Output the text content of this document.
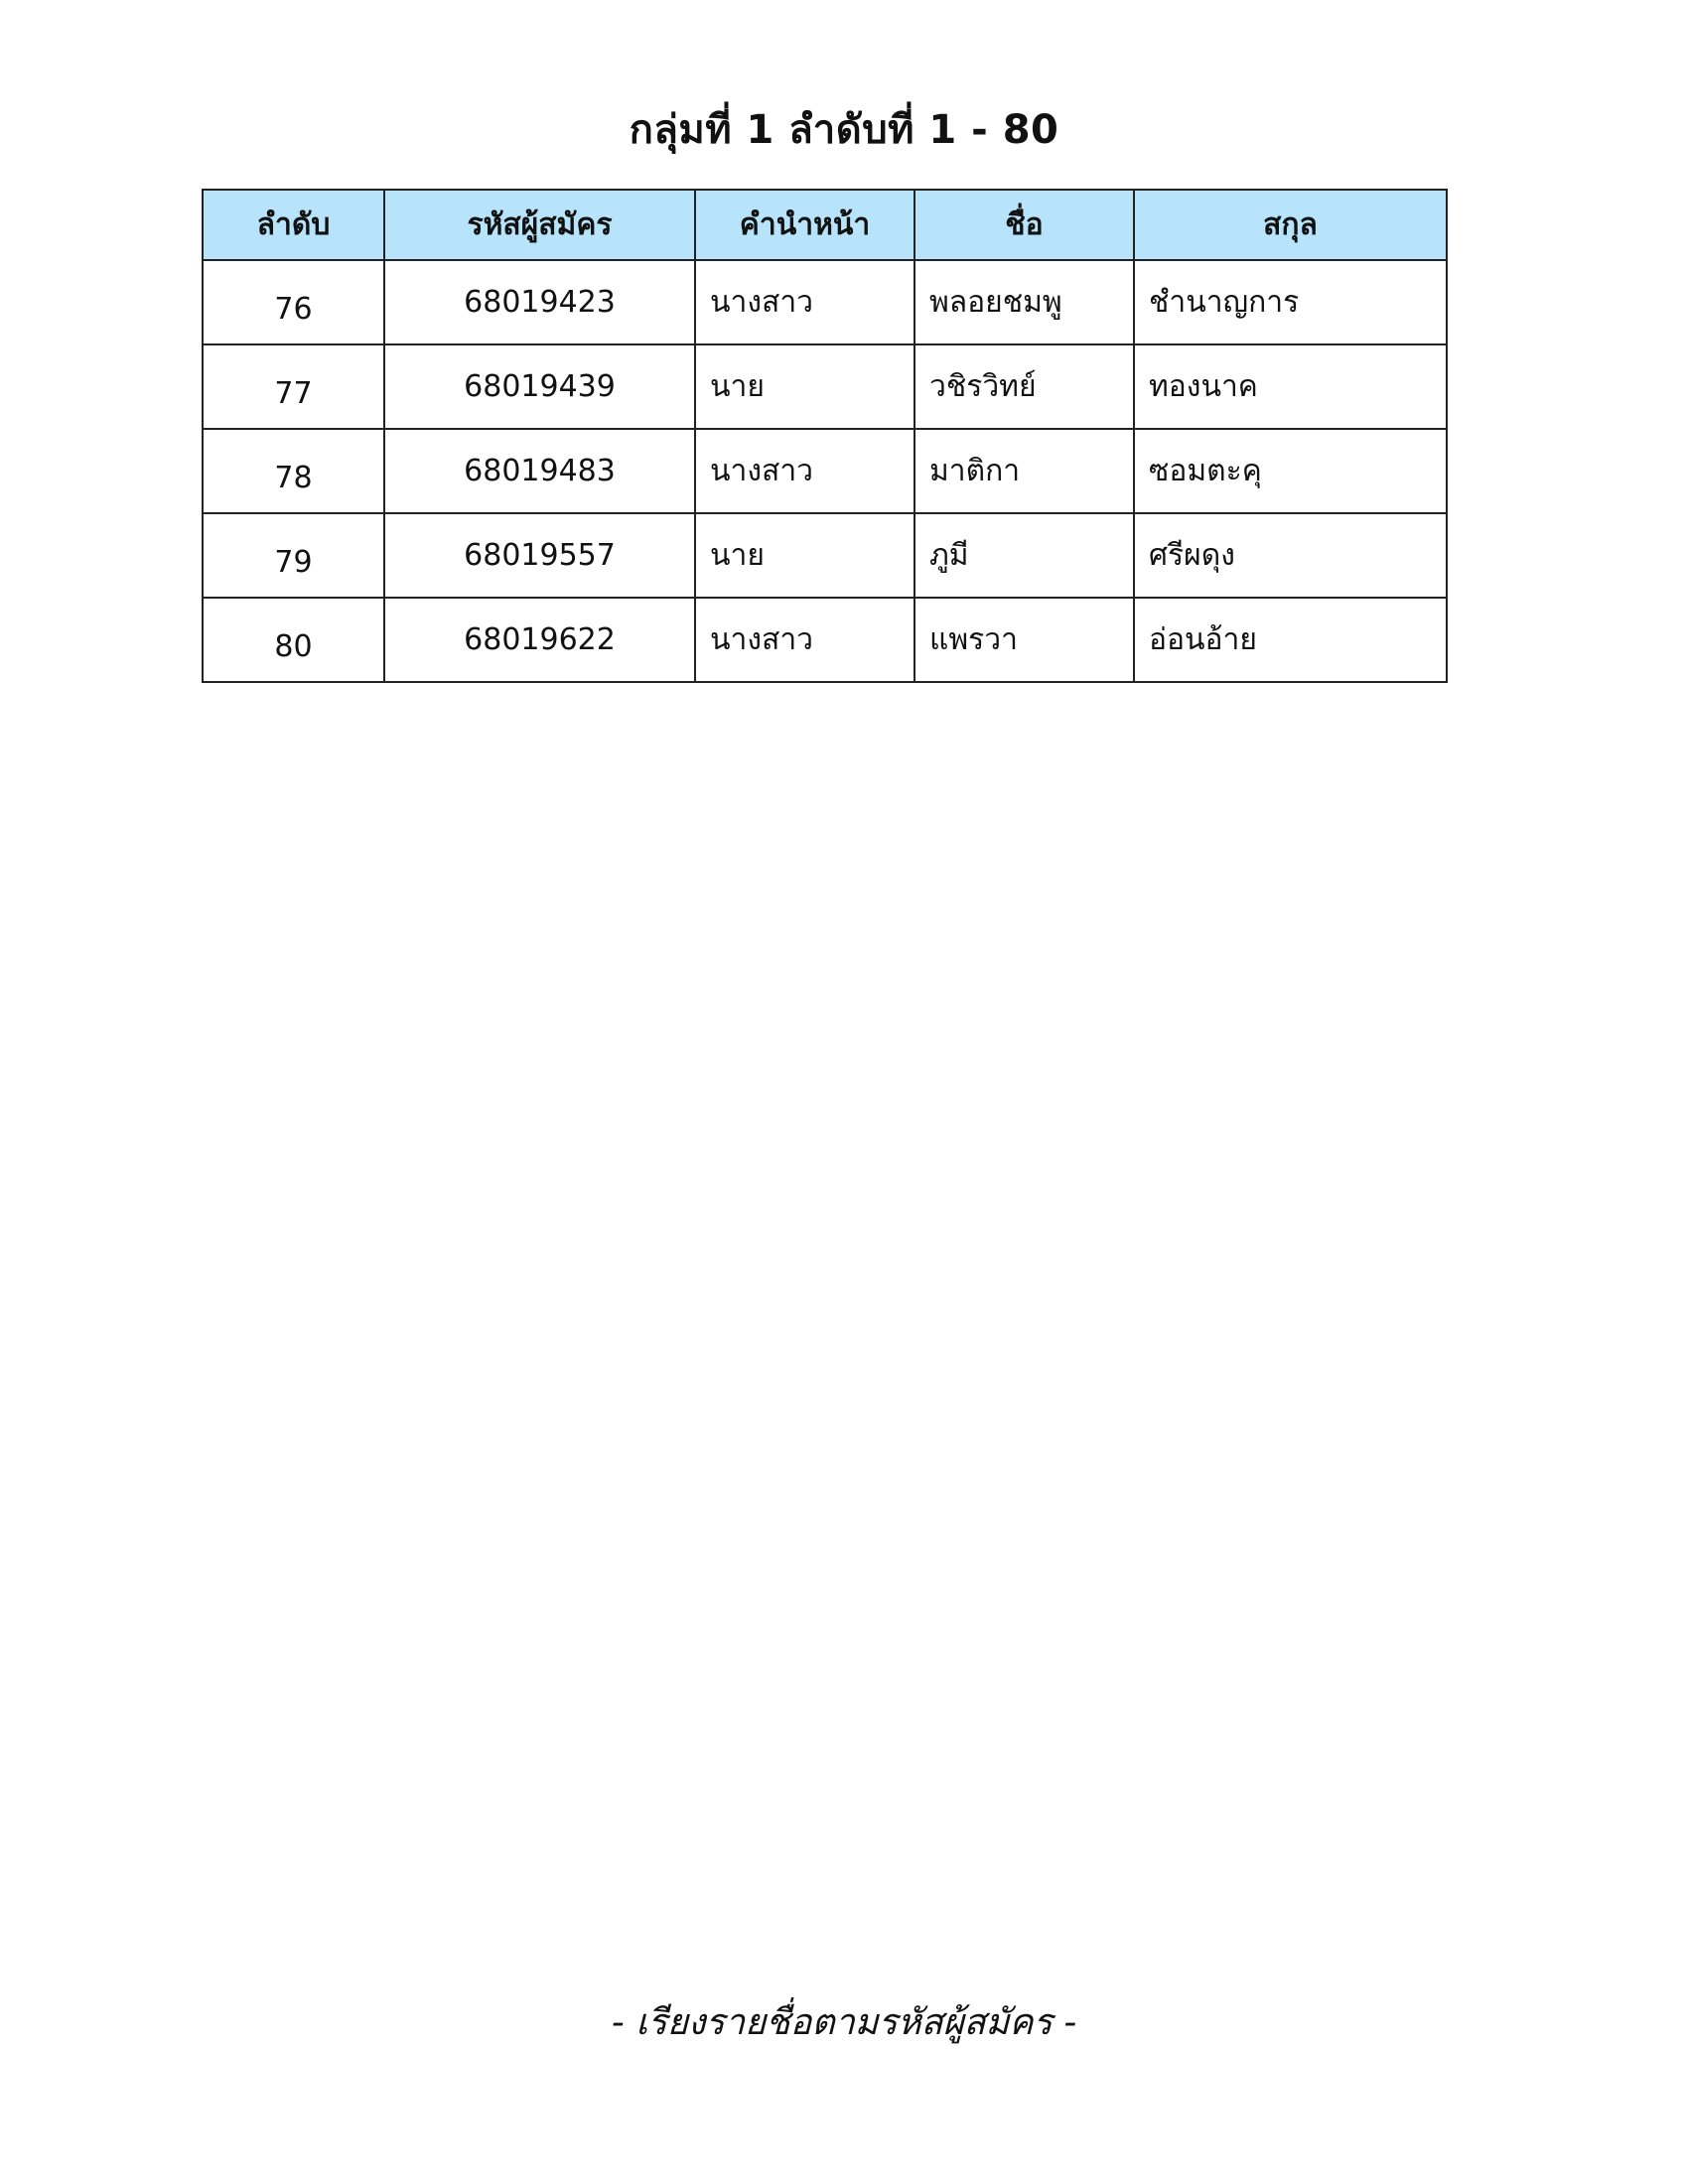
กลุ่มที่ 1 ลำดับที่ 1 - 80
ลำดับ	รหัสผู้สมัคร	คำนำหน้า	ชื่อ	สกุล
76	68019423	นางสาว	พลอยชมพู	ชำนาญการ
77	68019439	นาย	วชิรวิทย์	ทองนาค
78	68019483	นางสาว	มาติกา	ซอมตะคุ
79	68019557	นาย	ภูมี	ศรีผดุง
80	68019622	นางสาว	แพรวา	อ่อนอ้าย
- เรียงรายชื่อตามรหัสผู้สมัคร -
